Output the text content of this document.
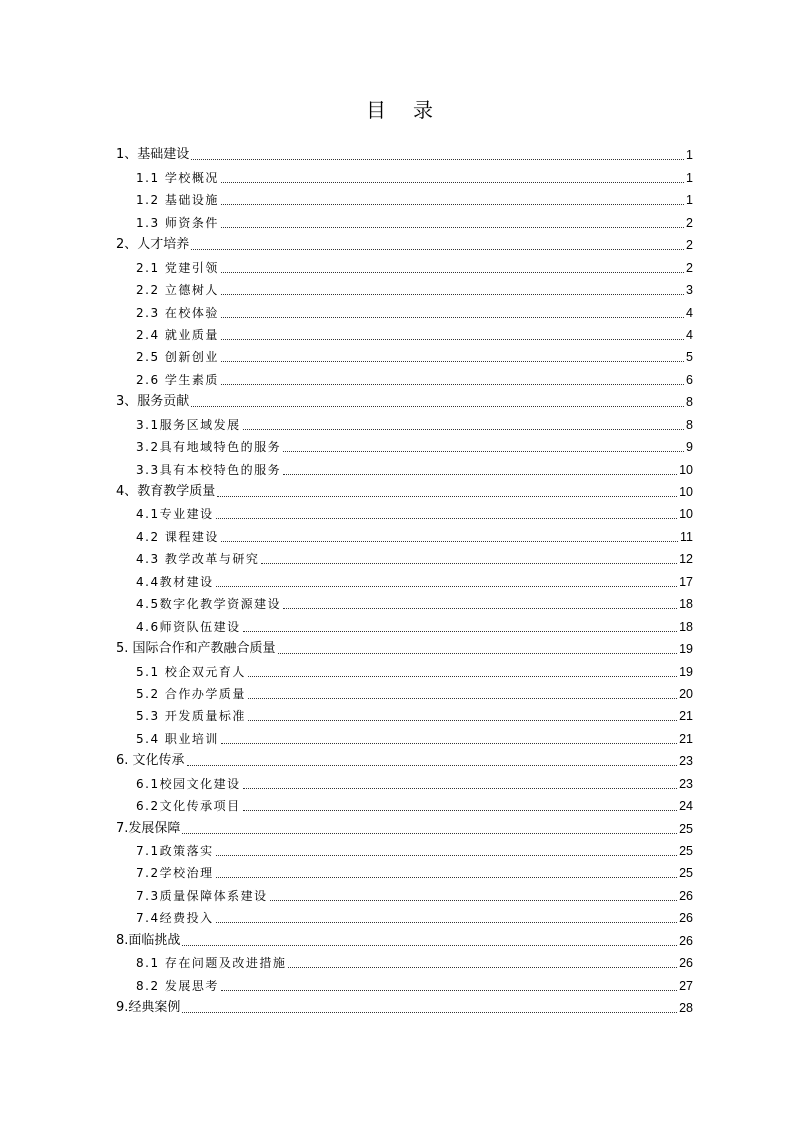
目 录
1、基础建设	1
1.1 学校概况	1
1.2 基础设施	1
1.3 师资条件	2
2、人才培养	2
2.1 党建引领	2
2.2 立德树人	3
2.3 在校体验	4
2.4 就业质量	4
2.5 创新创业	5
2.6 学生素质	6
3、服务贡献	8
3.1服务区域发展	8
3.2具有地域特色的服务	9
3.3具有本校特色的服务	10
4、教育教学质量	10
4.1专业建设	10
4.2 课程建设	11
4.3 教学改革与研究	12
4.4教材建设	17
4.5数字化教学资源建设	18
4.6师资队伍建设	18
5. 国际合作和产教融合质量	19
5.1 校企双元育人	19
5.2 合作办学质量	20
5.3 开发质量标准	21
5.4 职业培训	21
6. 文化传承	23
6.1校园文化建设	23
6.2文化传承项目	24
7.发展保障	25
7.1政策落实	25
7.2学校治理	25
7.3质量保障体系建设	26
7.4经费投入	26
8.面临挑战	26
8.1 存在问题及改进措施	26
8.2 发展思考	27
9.经典案例	28
